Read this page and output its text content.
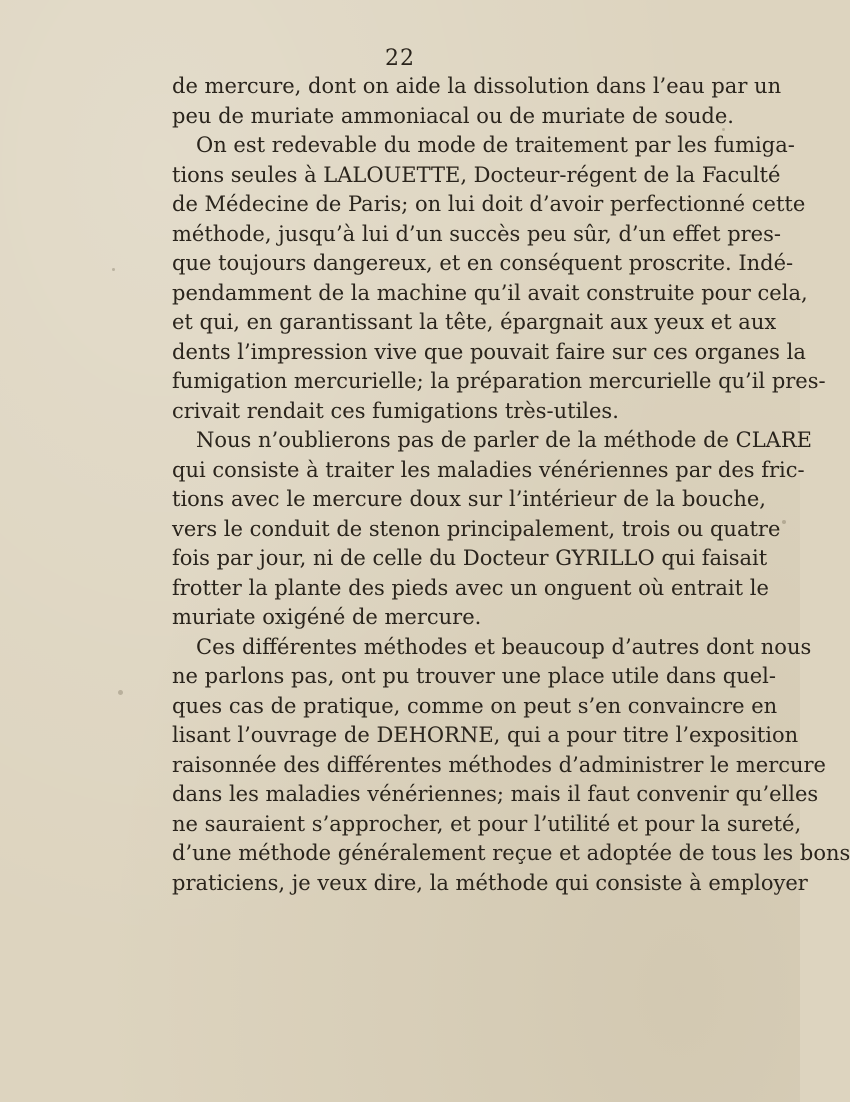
22
de mercure, dont on aide la dissolution dans l’eau par un
peu de muriate ammoniacal ou de muriate de soude.
On est redevable du mode de traitement par les fumiga-
tions seules à LALOUETTE, Docteur-régent de la Faculté
de Médecine de Paris; on lui doit d’avoir perfectionné cette
méthode, jusqu’à lui d’un succès peu sûr, d’un effet pres-
que toujours dangereux, et en conséquent proscrite. Indé-
pendamment de la machine qu’il avait construite pour cela,
et qui, en garantissant la tête, épargnait aux yeux et aux
dents l’impression vive que pouvait faire sur ces organes la
fumigation mercurielle; la préparation mercurielle qu’il pres-
crivait rendait ces fumigations très-utiles.
Nous n’oublierons pas de parler de la méthode de CLARE
qui consiste à traiter les maladies vénériennes par des fric-
tions avec le mercure doux sur l’intérieur de la bouche,
vers le conduit de stenon principalement, trois ou quatre
fois par jour, ni de celle du Docteur GYRILLO qui faisait
frotter la plante des pieds avec un onguent où entrait le
muriate oxigéné de mercure.
Ces différentes méthodes et beaucoup d’autres dont nous
ne parlons pas, ont pu trouver une place utile dans quel-
ques cas de pratique, comme on peut s’en convaincre en
lisant l’ouvrage de DEHORNE, qui a pour titre l’exposition
raisonnée des différentes méthodes d’administrer le mercure
dans les maladies vénériennes; mais il faut convenir qu’elles
ne sauraient s’approcher, et pour l’utilité et pour la sureté,
d’une méthode généralement reçue et adoptée de tous les bons
praticiens, je veux dire, la méthode qui consiste à employer
